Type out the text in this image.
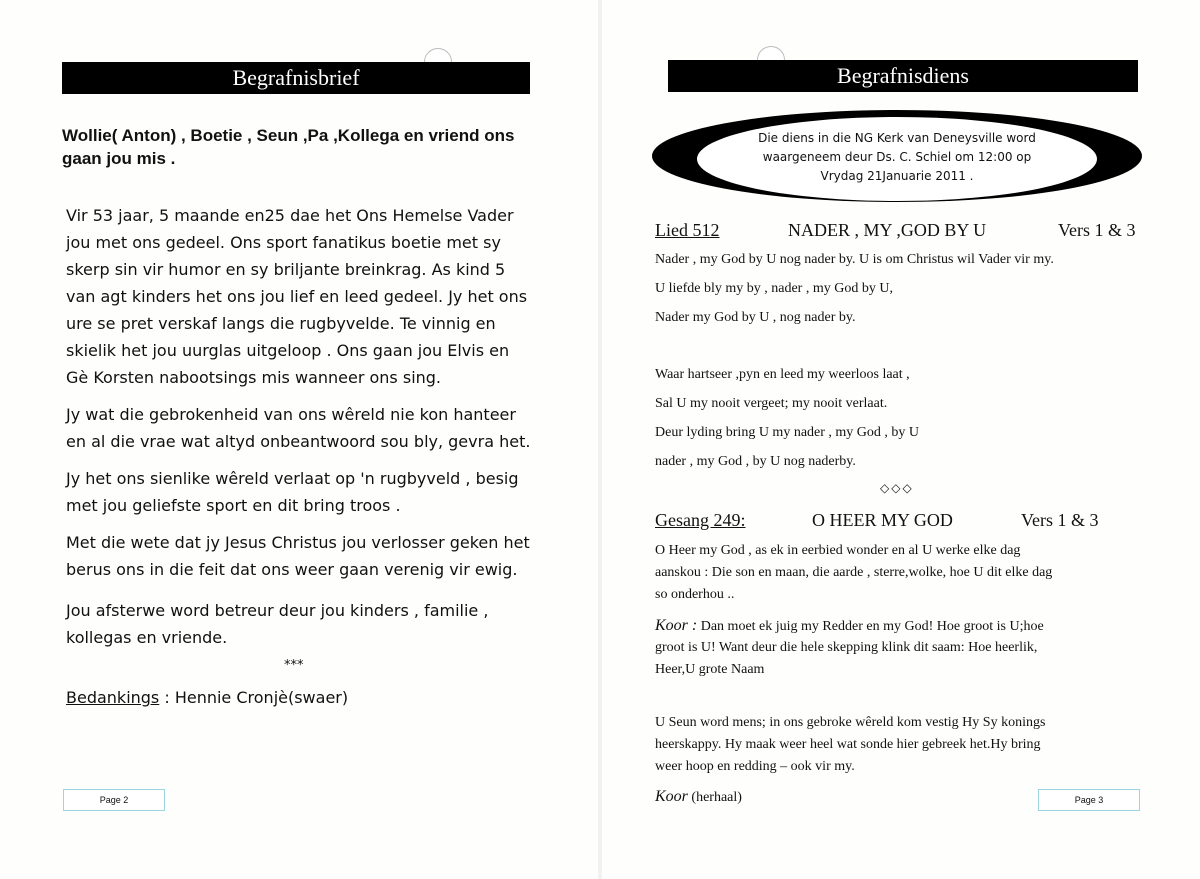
Begrafnisbrief
Wollie( Anton) , Boetie , Seun ,Pa ,Kollega en vriend ons gaan jou mis .

Vir 53 jaar, 5 maande en25 dae het Ons Hemelse Vader jou met ons gedeel. Ons sport fanatikus boetie met sy skerp sin vir humor en sy briljante breinkrag. As kind 5 van agt kinders het ons jou lief en leed gedeel. Jy het ons ure se pret verskaf langs die rugbyvelde. Te vinnig en skielik het jou uurglas uitgeloop . Ons gaan jou Elvis en Gè Korsten nabootsings mis wanneer ons sing.

Jy wat die gebrokenheid van ons wêreld nie kon hanteer en al die vrae wat altyd onbeantwoord sou bly, gevra het.

Jy het ons sienlike wêreld verlaat op 'n rugbyveld , besig met jou geliefste sport en dit bring troos .

Met die wete dat jy Jesus Christus jou verlosser geken het berus ons in die feit dat ons weer gaan verenig vir ewig.

Jou afsterwe word betreur deur jou kinders , familie , kollegas en vriende.
***
Bedankings : Hennie Cronjè(swaer)
Page 2
Begrafnisdiens
Die diens in die NG Kerk van Deneysville word
waargeneem deur Ds. C. Schiel om 12:00 op
Vrydag 21Januarie 2011 .
Lied 512	NADER , MY ,GOD BY U	Vers 1 & 3
Nader , my God by U nog nader by. U is om Christus wil Vader vir my.
U liefde bly my by , nader , my God by U,
Nader my God by U , nog nader by.
Waar hartseer ,pyn en leed my weerloos laat ,
Sal U my nooit vergeet; my nooit verlaat.
Deur lyding bring U my nader , my God , by U
nader , my God , by U nog naderby.
◇◇◇
Gesang 249:	O HEER MY GOD	Vers 1 & 3
O Heer my God , as ek in eerbied wonder en al U werke elke dag
aanskou : Die son en maan, die aarde , sterre,wolke, hoe U dit elke dag
so onderhou ..
Koor : Dan moet ek juig my Redder en my God! Hoe groot is U;hoe
groot is U! Want deur die hele skepping klink dit saam: Hoe heerlik,
Heer,U grote Naam
U Seun word mens; in ons gebroke wêreld kom vestig Hy Sy konings
heerskappy. Hy maak weer heel wat sonde hier gebreek het.Hy bring
weer hoop en redding – ook vir my.
Koor (herhaal)	Page 3
